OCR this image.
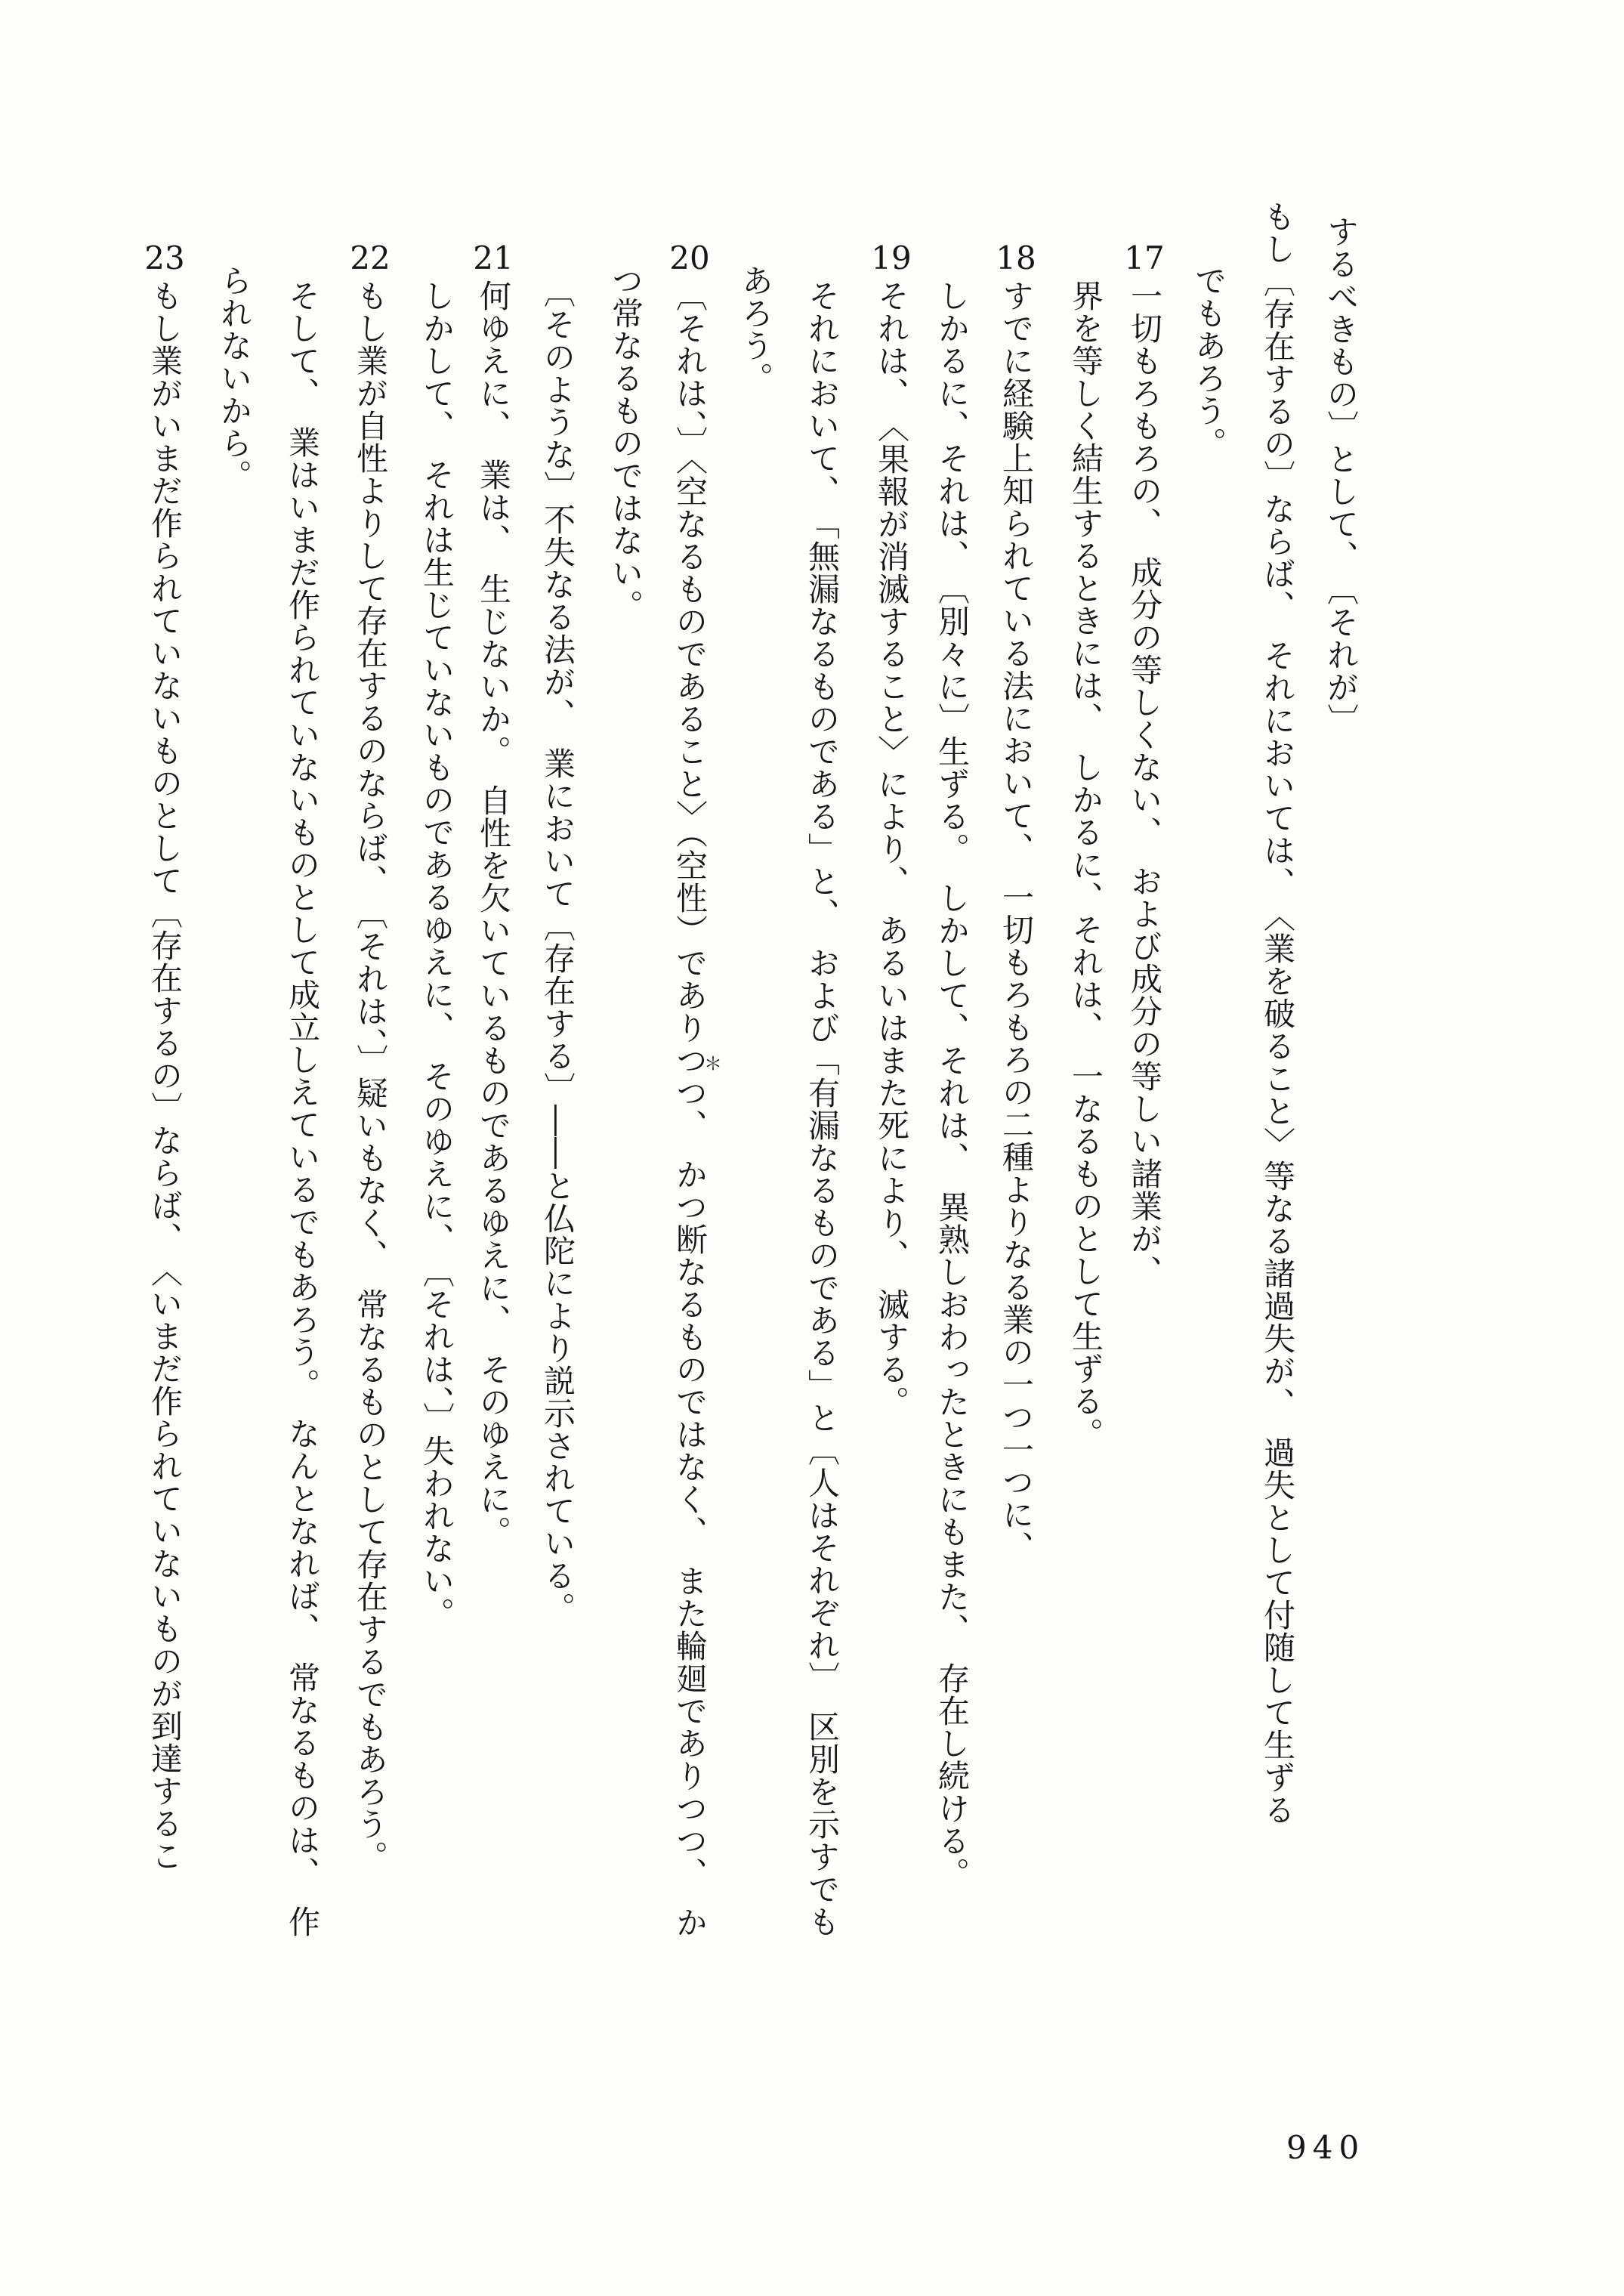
するべきもの〕として、　〔それが〕
もし〔存在するの〕ならば、　それにおいては、　〈業を破ること〉等なる諸過失が、　過失として付随して生ずる
でもあろう。
17
一切もろもろの、　成分の等しくない、　および成分の等しい諸業が、
界を等しく結生するときには、　しかるに、それは、　一なるものとして生ずる。
18
すでに経験上知られている法において、　一切もろもろの二種よりなる業の一つ一つに、
しかるに、それは、　〔別々に〕生ずる。　しかして、それは、　異熟しおわったときにもまた、　存在し続ける。
19
それは、　〈果報が消滅すること〉により、　あるいはまた死により、　滅する。
それにおいて、　「無漏なるものである」と、　および「有漏なるものである」と〔人はそれぞれ〕　区別を示すでも
あろう。
20
〔それは、〕〈空なるものであること〉（空性）でありつつ、　かつ断なるものではなく、　また輪廻でありつつ、　か
つ常なるものではない。
〔そのような〕不失なる法が、　業において〔存在する〕――と仏陀により説示されている。	＊
21
何ゆえに、　業は、　生じないか。　自性を欠いているものであるゆえに、　そのゆえに。
しかして、　それは生じていないものであるゆえに、　そのゆえに、　〔それは、〕失われない。
22
もし業が自性よりして存在するのならば、　〔それは、〕疑いもなく、　常なるものとして存在するでもあろう。
そして、　業はいまだ作られていないものとして成立しえているでもあろう。　なんとなれば、　常なるものは、　作
られないから。
23
もし業がいまだ作られていないものとして〔存在するの〕ならば、　〈いまだ作られていないものが到達するこ
940
